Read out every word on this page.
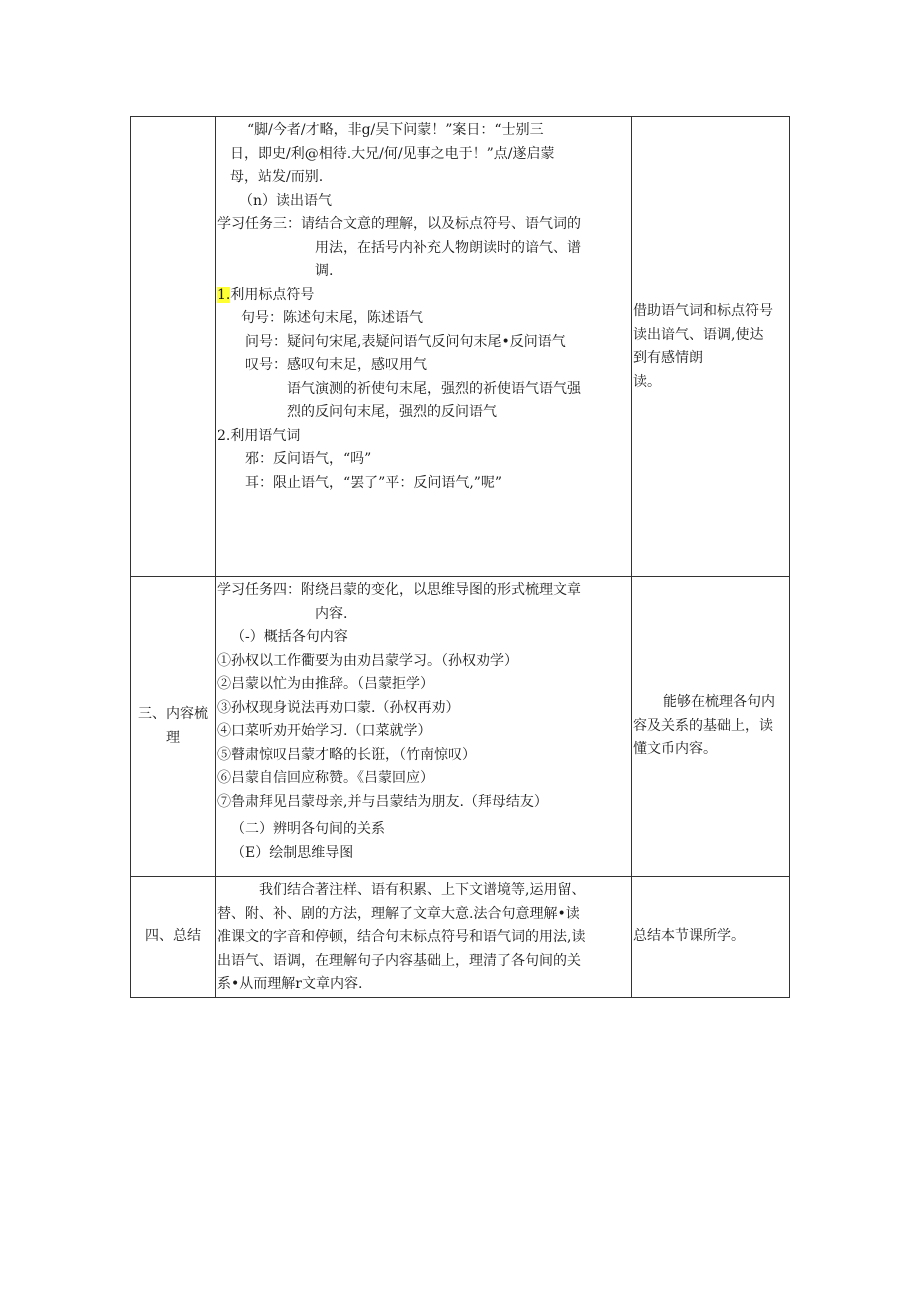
“脚/今者/才略，非g/吴下问蒙！”案日：“士别三
日，即史/利@相待.大兄/何/见事之电于！”点/遂启蒙
母，站发/而别.
（n）读出语气
学习任务三：请结合文意的理解，以及标点符号、语气词的
用法，在括号内补充人物朗读时的谙气、谱
调.
1.利用标点符号
句号：陈述句末尾，陈述语气
问号：疑问句宋尾,表疑问语气反问句末尾•反问语气
叹号：感叹句末足，感叹用气
语气演测的祈使句末尾，强烈的祈使语气语气强
烈的反问句末尾，强烈的反问语气
2.利用语气词
邪：反问语气，“吗”
耳：限止语气，“罢了”平：反问语气,”呢”
借助语气词和标点符号
读出谙气、语调,使达
到有感情朗
读。
三、内容梳
理
学习任务四：附绕吕蒙的变化，以思维导图的形式梳理文章
内容.
（-）概括各句内容
①孙权以工作衢要为由劝吕蒙学习。（孙权劝学）
②吕蒙以忙为由推辞。（吕蒙拒学）
③孙权现身说法再劝口蒙.（孙权再劝）
④口菜听劝开始学习.（口菜就学）
⑤瞽肃惊叹吕蒙才略的长诳，（竹南惊叹）
⑥吕蒙自信回应称赞。《吕蒙回应）
⑦鲁肃拜见吕蒙母亲,并与吕蒙结为朋友.（拜母结友）
（二）辨明各句间的关系
（E）绘制思维导图
能够在梳理各句内
容及关系的基础上，读
懂文币内容。
四、总结
我们结合著注样、语有积累、上下文谱境等,运用留、
替、附、补、剧的方法，理解了文章大意.法合句意理解•读
准课文的字音和停顿，结合句末标点符号和语气词的用法,读
出语气、语调，在理解句子内容基础上，理清了各句间的关
系•从而理解r文章内容.
总结本节课所学。
